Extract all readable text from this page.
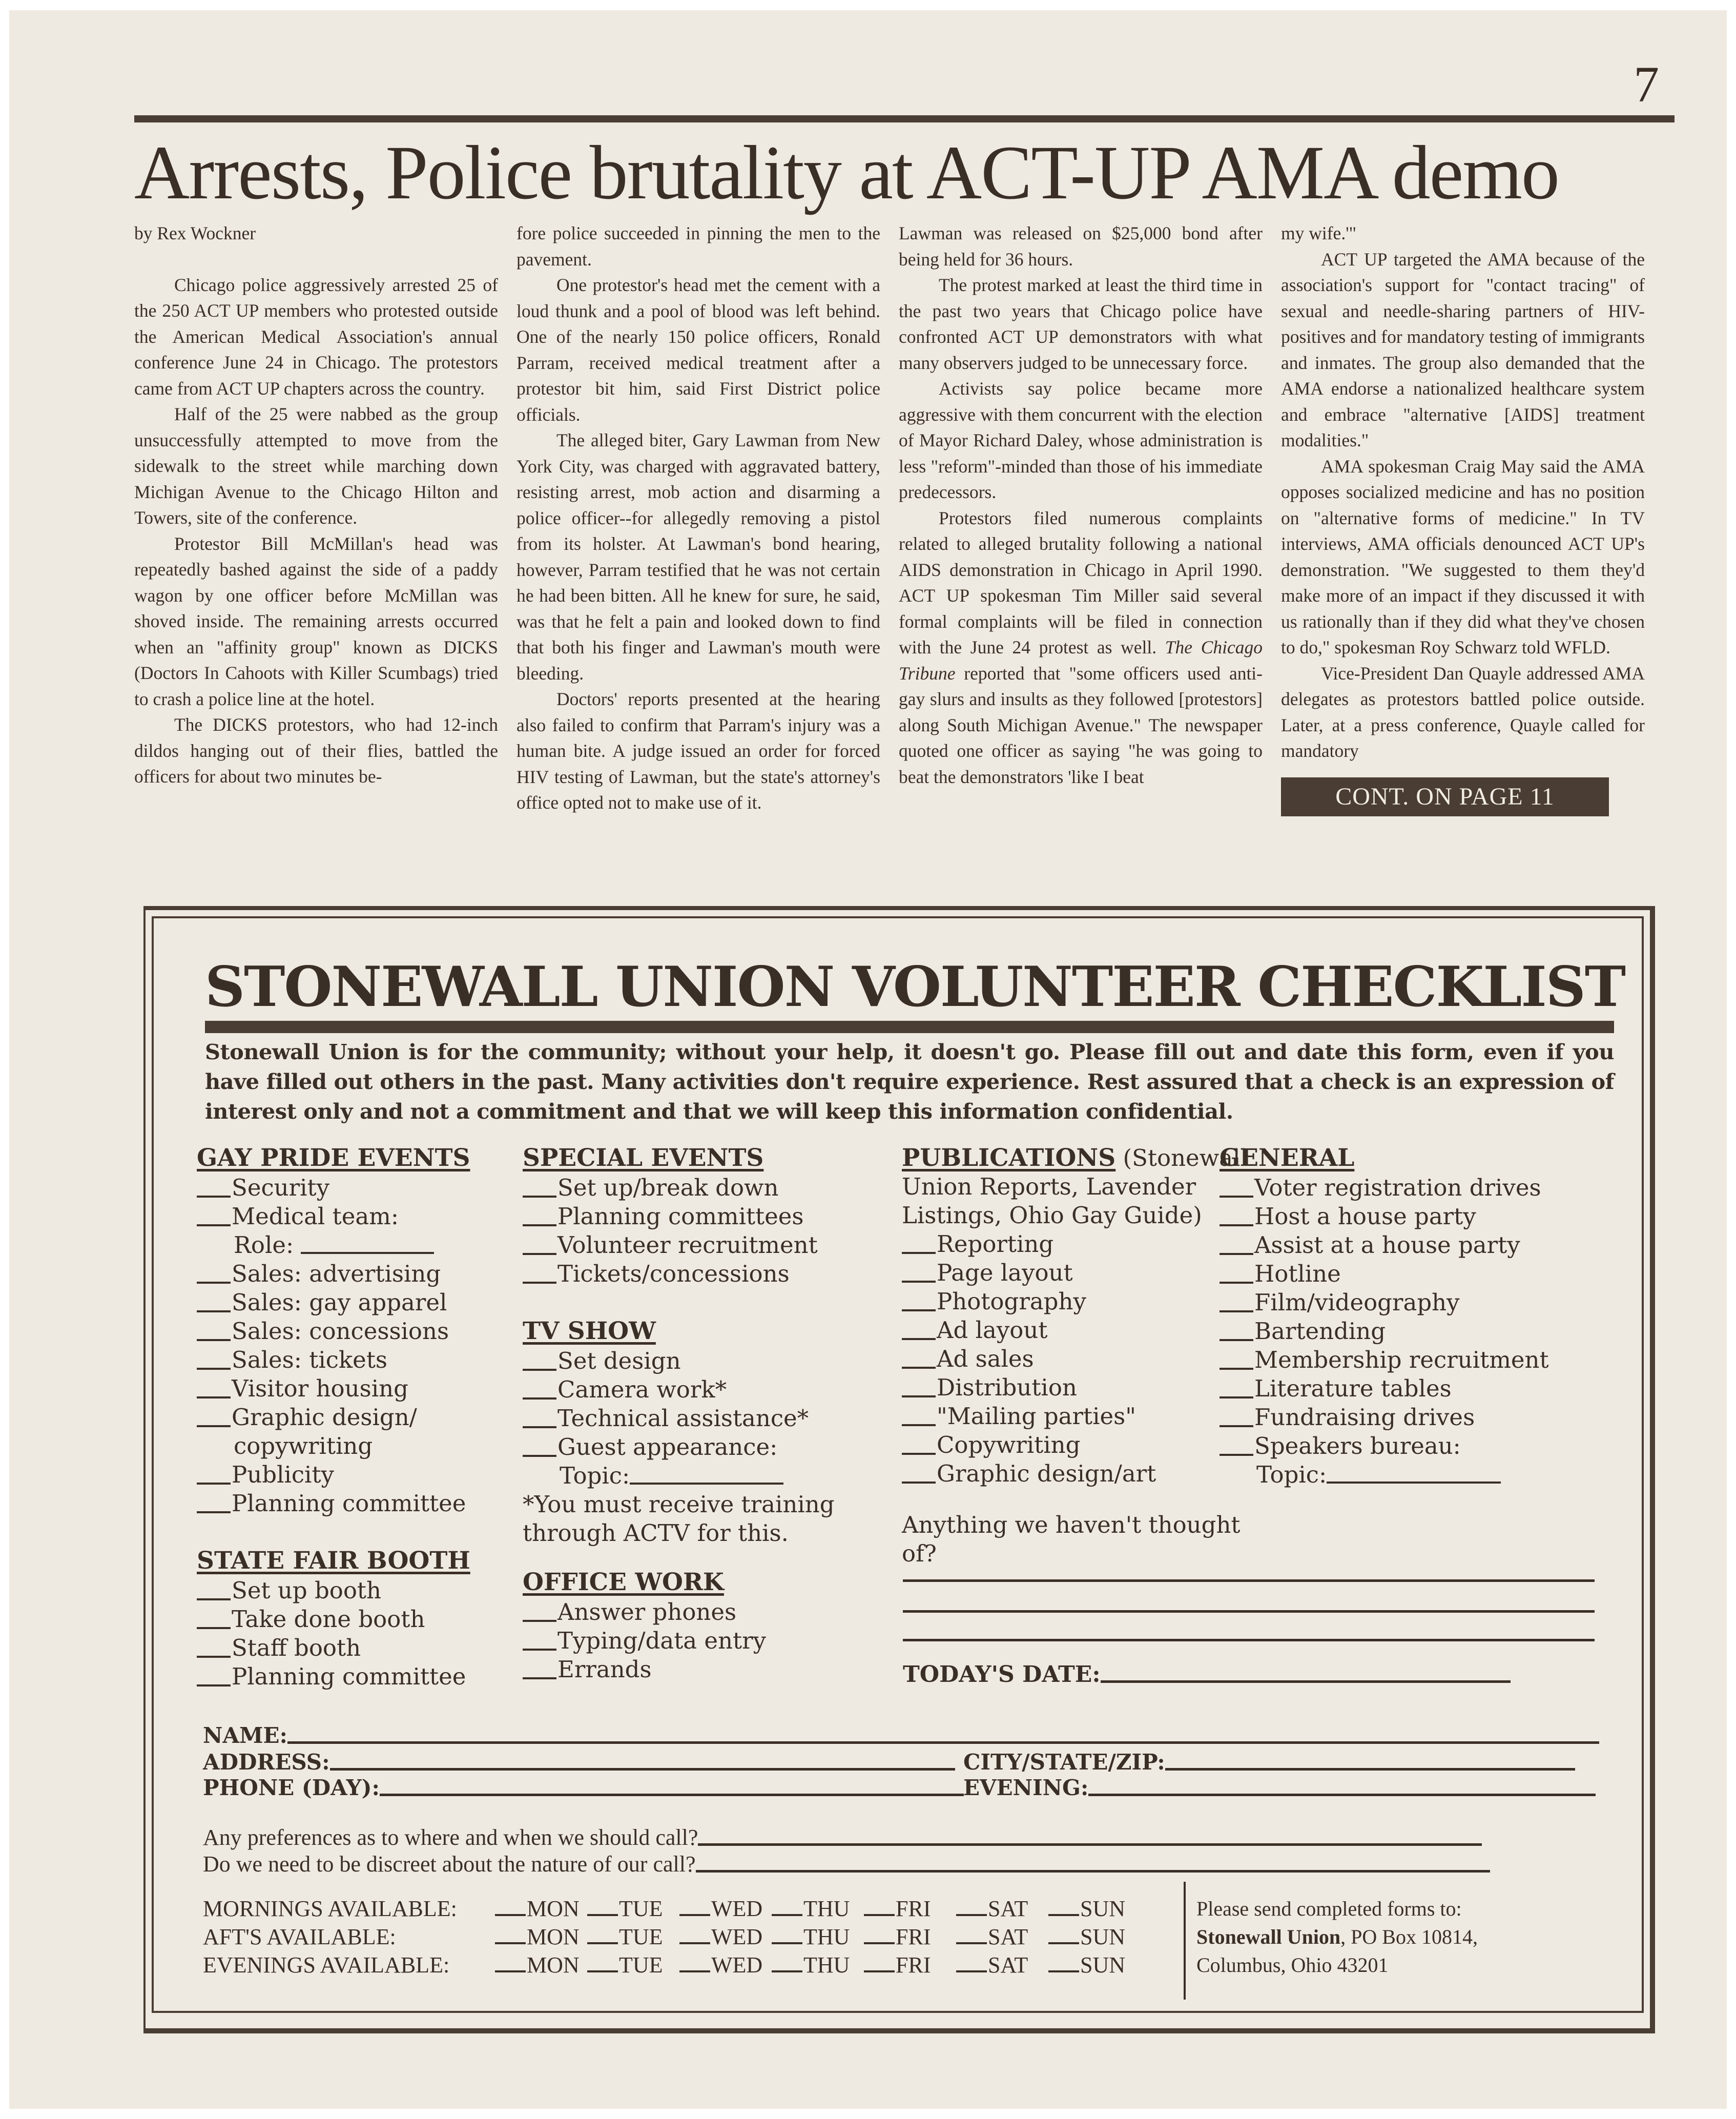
7
Arrests, Police brutality at ACT-UP AMA demo

by Rex Wockner

Chicago police aggressively arrested 25 of the 250 ACT UP members who protested outside the American Medical Association's annual conference June 24 in Chicago. The protestors came from ACT UP chapters across the country.

Half of the 25 were nabbed as the group unsuccessfully attempted to move from the sidewalk to the street while marching down Michigan Avenue to the Chicago Hilton and Towers, site of the conference.

Protestor Bill McMillan's head was repeatedly bashed against the side of a paddy wagon by one officer before McMillan was shoved inside. The remaining arrests occurred when an "affinity group" known as DICKS (Doctors In Cahoots with Killer Scumbags) tried to crash a police line at the hotel.

The DICKS protestors, who had 12-inch dildos hanging out of their flies, battled the officers for about two minutes be-

fore police succeeded in pinning the men to the pavement.

One protestor's head met the cement with a loud thunk and a pool of blood was left behind. One of the nearly 150 police officers, Ronald Parram, received medical treatment after a protestor bit him, said First District police officials.

The alleged biter, Gary Lawman from New York City, was charged with aggravated battery, resisting arrest, mob action and disarming a police officer--for allegedly removing a pistol from its holster. At Lawman's bond hearing, however, Parram testified that he was not certain he had been bitten. All he knew for sure, he said, was that he felt a pain and looked down to find that both his finger and Lawman's mouth were bleeding.

Doctors' reports presented at the hearing also failed to confirm that Parram's injury was a human bite. A judge issued an order for forced HIV testing of Lawman, but the state's attorney's office opted not to make use of it.

Lawman was released on $25,000 bond after being held for 36 hours.

The protest marked at least the third time in the past two years that Chicago police have confronted ACT UP demonstrators with what many observers judged to be unnecessary force.

Activists say police became more aggressive with them concurrent with the election of Mayor Richard Daley, whose administration is less "reform"-minded than those of his immediate predecessors.

Protestors filed numerous complaints related to alleged brutality following a national AIDS demonstration in Chicago in April 1990. ACT UP spokesman Tim Miller said several formal complaints will be filed in connection with the June 24 protest as well. The Chicago Tribune reported that "some officers used anti-gay slurs and insults as they followed [protestors] along South Michigan Avenue." The newspaper quoted one officer as saying "he was going to beat the demonstrators 'like I beat

my wife.'"

ACT UP targeted the AMA because of the association's support for "contact tracing" of sexual and needle-sharing partners of HIV-positives and for mandatory testing of immigrants and inmates. The group also demanded that the AMA endorse a nationalized healthcare system and embrace "alternative [AIDS] treatment modalities."

AMA spokesman Craig May said the AMA opposes socialized medicine and has no position on "alternative forms of medicine." In TV interviews, AMA officials denounced ACT UP's demonstration. "We suggested to them they'd make more of an impact if they discussed it with us rationally than if they did what they've chosen to do," spokesman Roy Schwarz told WFLD.

Vice-President Dan Quayle addressed AMA delegates as protestors battled police outside. Later, at a press conference, Quayle called for mandatory

CONT. ON PAGE 11
STONEWALL UNION VOLUNTEER CHECKLIST
Stonewall Union is for the community; without your help, it doesn't go. Please fill out and date this form, even if you have filled out others in the past. Many activities don't require experience. Rest assured that a check is an expression of interest only and not a commitment and that we will keep this information confidential.
GAY PRIDE EVENTS
Security
Medical team:
Role:
Sales: advertising
Sales: gay apparel
Sales: concessions
Sales: tickets
Visitor housing
Graphic design/
copywriting
Publicity
Planning committee
STATE FAIR BOOTH
Set up booth
Take done booth
Staff booth
Planning committee
SPECIAL EVENTS
Set up/break down
Planning committees
Volunteer recruitment
Tickets/concessions
TV SHOW
Set design
Camera work*
Technical assistance*
Guest appearance:
Topic:
*You must receive training through ACTV for this.
OFFICE WORK
Answer phones
Typing/data entry
Errands
PUBLICATIONS (Stonewall Union Reports, Lavender Listings, Ohio Gay Guide)
Reporting
Page layout
Photography
Ad layout
Ad sales
Distribution
"Mailing parties"
Copywriting
Graphic design/art
Anything we haven't thought of?
TODAY'S DATE:
GENERAL
Voter registration drives
Host a house party
Assist at a house party
Hotline
Film/videography
Bartending
Membership recruitment
Literature tables
Fundraising drives
Speakers bureau:
Topic:
NAME:
ADDRESS:	CITY/STATE/ZIP:
PHONE (DAY):	EVENING:
Any preferences as to where and when we should call?
Do we need to be discreet about the nature of our call?
MORNINGS AVAILABLE:	MON	TUE	WED	THU	FRI	SAT	SUN
AFT'S AVAILABLE:	MON	TUE	WED	THU	FRI	SAT	SUN
EVENINGS AVAILABLE:	MON	TUE	WED	THU	FRI	SAT	SUN
Please send completed forms to:
Stonewall Union, PO Box 10814,
Columbus, Ohio 43201
